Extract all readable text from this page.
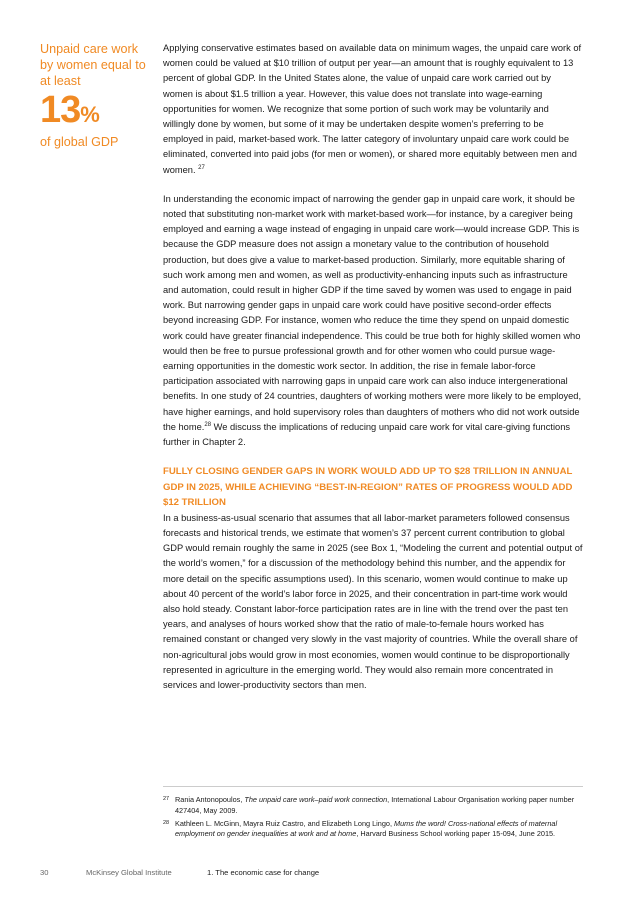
Unpaid care work
by women equal to
at least
13%
of global GDP

Applying conservative estimates based on available data on minimum wages, the unpaid care work of women could be valued at $10 trillion of output per year—an amount that is roughly equivalent to 13 percent of global GDP. In the United States alone, the value of unpaid care work carried out by women is about $1.5 trillion a year. However, this value does not translate into wage-earning opportunities for women. We recognize that some portion of such work may be voluntarily and willingly done by women, but some of it may be undertaken despite women’s preferring to be employed in paid, market-based work. The latter category of involuntary unpaid care work could be eliminated, converted into paid jobs (for men or women), or shared more equitably between men and women. $^{27}$

In understanding the economic impact of narrowing the gender gap in unpaid care work, it should be noted that substituting non-market work with market-based work—for instance, by a caregiver being employed and earning a wage instead of engaging in unpaid care work—would increase GDP. This is because the GDP measure does not assign a monetary value to the contribution of household production, but does give a value to market-based production. Similarly, more equitable sharing of such work among men and women, as well as productivity-enhancing inputs such as infrastructure and automation, could result in higher GDP if the time saved by women was used to engage in paid work. But narrowing gender gaps in unpaid care work could have positive second-order effects beyond increasing GDP. For instance, women who reduce the time they spend on unpaid domestic work could have greater financial independence. This could be true both for highly skilled women who would then be free to pursue professional growth and for other women who could pursue wage-earning opportunities in the domestic work sector. In addition, the rise in female labor-force participation associated with narrowing gaps in unpaid care work can also induce intergenerational benefits. In one study of 24 countries, daughters of working mothers were more likely to be employed, have higher earnings, and hold supervisory roles than daughters of mothers who did not work outside the home.$^{28}$ We discuss the implications of reducing unpaid care work for vital care-giving functions further in Chapter 2.

FULLY CLOSING GENDER GAPS IN WORK WOULD ADD UP TO $28 TRILLION IN ANNUAL GDP IN 2025, WHILE ACHIEVING “BEST-IN-REGION” RATES OF PROGRESS WOULD ADD $12 TRILLION

In a business-as-usual scenario that assumes that all labor-market parameters followed consensus forecasts and historical trends, we estimate that women’s 37 percent current contribution to global GDP would remain roughly the same in 2025 (see Box 1, “Modeling the current and potential output of the world’s women,” for a discussion of the methodology behind this number, and the appendix for more detail on the specific assumptions used). In this scenario, women would continue to make up about 40 percent of the world’s labor force in 2025, and their concentration in part-time work would also hold steady. Constant labor-force participation rates are in line with the trend over the past ten years, and analyses of hours worked show that the ratio of male-to-female hours worked has remained constant or changed very slowly in the vast majority of countries. While the overall share of non-agricultural jobs would grow in most economies, women would continue to be disproportionally represented in agriculture in the emerging world. They would also remain more concentrated in services and lower-productivity sectors than men.

27 Rania Antonopoulos, The unpaid care work–paid work connection, International Labour Organisation working paper number 427404, May 2009.
28 Kathleen L. McGinn, Mayra Ruiz Castro, and Elizabeth Long Lingo, Mums the word! Cross-national effects of maternal employment on gender inequalities at work and at home, Harvard Business School working paper 15-094, June 2015.
30	McKinsey Global Institute	1. The economic case for change
